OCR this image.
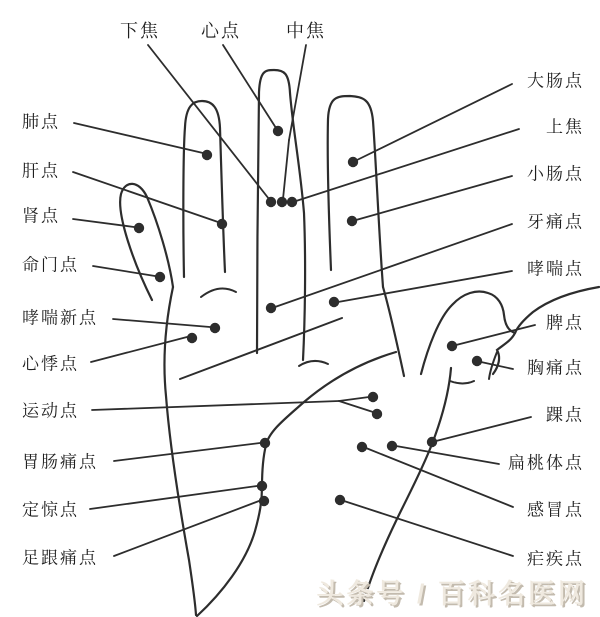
下焦 心点	中焦
大肠点
上焦
小肠点
牙痛点
哮喘点
脾点
胸痛点
踝点
扁桃体点
感冒点
疟疾点
肺点
肝点
肾点
命门点
哮喘新点
心悸点
运动点
胃肠痛点
定惊点
足跟痛点
头条号 / 百科名医网
